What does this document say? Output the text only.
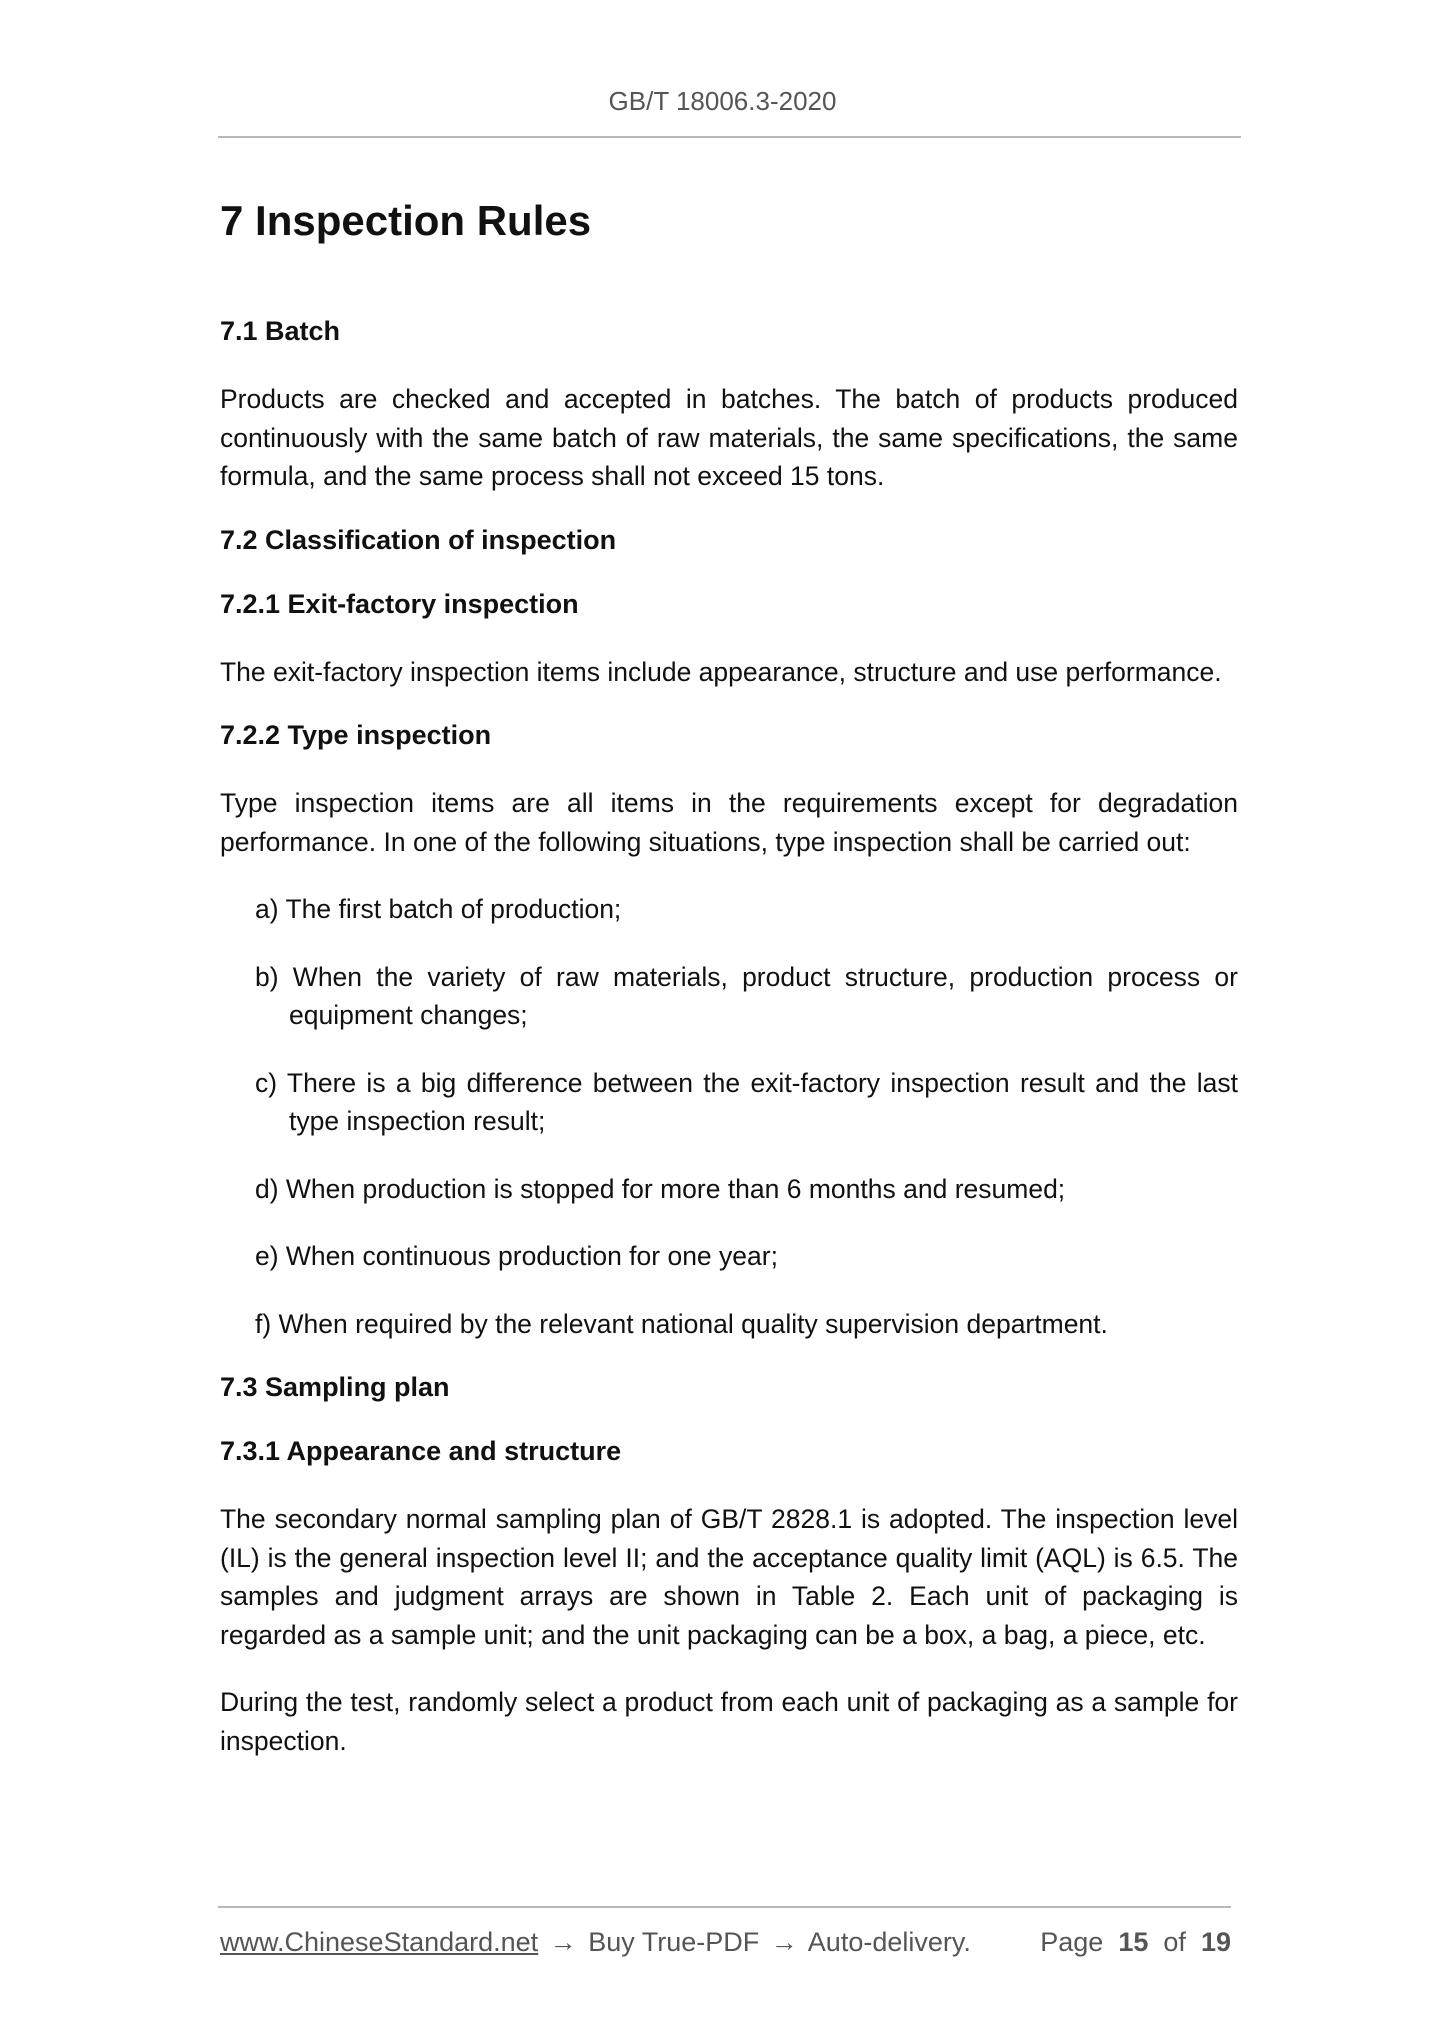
GB/T 18006.3-2020
7 Inspection Rules
7.1 Batch

Products are checked and accepted in batches. The batch of products produced continuously with the same batch of raw materials, the same specifications, the same formula, and the same process shall not exceed 15 tons.

7.2 Classification of inspection
7.2.1 Exit-factory inspection

The exit-factory inspection items include appearance, structure and use performance.

7.2.2 Type inspection

Type inspection items are all items in the requirements except for degradation performance. In one of the following situations, type inspection shall be carried out:

a) The first batch of production;

b) When the variety of raw materials, product structure, production process or equipment changes;

c) There is a big difference between the exit-factory inspection result and the last type inspection result;

d) When production is stopped for more than 6 months and resumed;

e) When continuous production for one year;

f) When required by the relevant national quality supervision department.

7.3 Sampling plan
7.3.1 Appearance and structure

The secondary normal sampling plan of GB/T 2828.1 is adopted. The inspection level (IL) is the general inspection level II; and the acceptance quality limit (AQL) is 6.5. The samples and judgment arrays are shown in Table 2. Each unit of packaging is regarded as a sample unit; and the unit packaging can be a box, a bag, a piece, etc.

During the test, randomly select a product from each unit of packaging as a sample for inspection.

www.ChineseStandard.net → Buy True-PDF → Auto-delivery.	Page 15 of 19
